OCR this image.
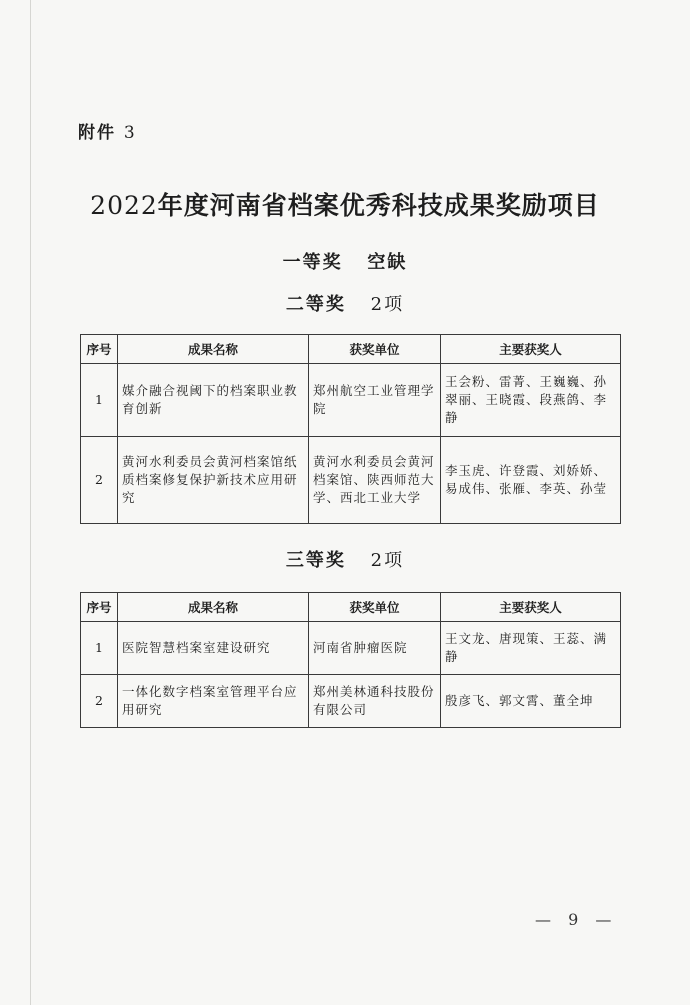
附件 3
2022年度河南省档案优秀科技成果奖励项目
一等奖 空缺
二等奖 2项
序号	成果名称	获奖单位	主要获奖人
1	媒介融合视阈下的档案职业教育创新	郑州航空工业管理学院	王会粉、雷菁、王巍巍、孙翠丽、王晓霞、段燕鸽、李静
2	黄河水利委员会黄河档案馆纸质档案修复保护新技术应用研究	黄河水利委员会黄河档案馆、陕西师范大学、西北工业大学	李玉虎、许登霞、刘娇娇、易成伟、张雁、李英、孙莹
三等奖 2项
序号	成果名称	获奖单位	主要获奖人
1	医院智慧档案室建设研究	河南省肿瘤医院	王文龙、唐现策、王蕊、满静
2	一体化数字档案室管理平台应用研究	郑州美林通科技股份有限公司	殷彦飞、郭文霄、董全坤
— 9 —
